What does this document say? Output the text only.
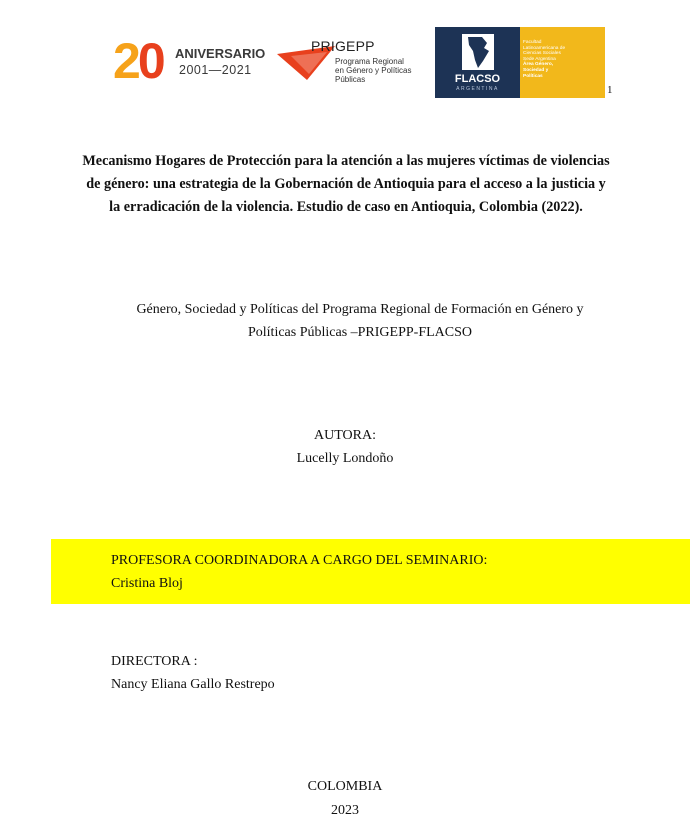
20 ANIVERSARIO
2001—2021
PRIGEPP
Programa Regional
en Género y Políticas
Públicas	FLACSO
ARGENTINA
Facultad
Latinoamericana de
Ciencias Sociales
Sede Argentina
Área Género,
Sociedad y
Políticas
1
Mecanismo Hogares de Protección para la atención a las mujeres víctimas de violencias
de género: una estrategia de la Gobernación de Antioquia para el acceso a la justicia y
la erradicación de la violencia. Estudio de caso en Antioquia, Colombia (2022).
Género, Sociedad y Políticas del Programa Regional de Formación en Género y
Políticas Públicas –PRIGEPP-FLACSO
AUTORA:
Lucelly Londoño
PROFESORA COORDINADORA A CARGO DEL SEMINARIO:
Cristina Bloj
DIRECTORA :
Nancy Eliana Gallo Restrepo
COLOMBIA
2023
